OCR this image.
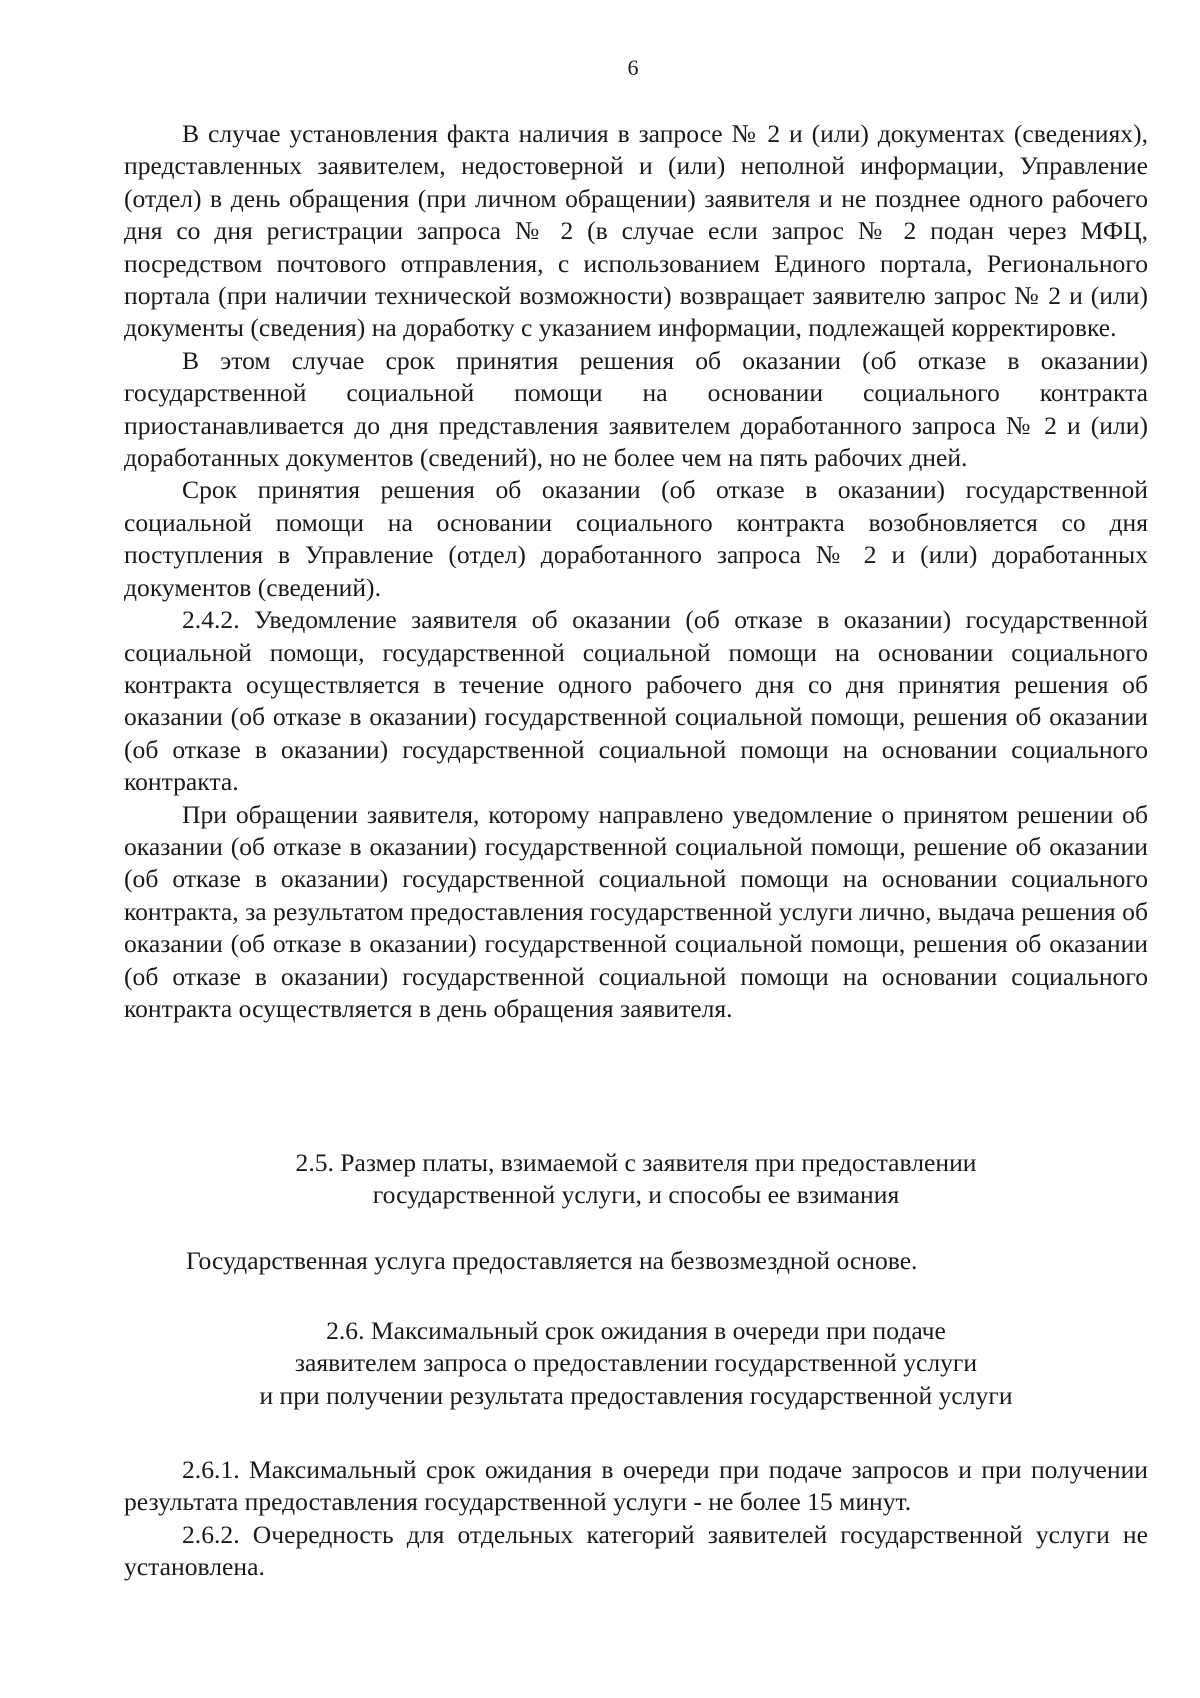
6

В случае установления факта наличия в запросе № 2 и (или) документах (сведениях), представленных заявителем, недостоверной и (или) неполной информации, Управление (отдел) в день обращения (при личном обращении) заявителя и не позднее одного рабочего дня со дня регистрации запроса № 2 (в случае если запрос № 2 подан через МФЦ, посредством почтового отправления, с использованием Единого портала, Регионального портала (при наличии технической возможности) возвращает заявителю запрос № 2 и (или) документы (сведения) на доработку с указанием информации, подлежащей корректировке.

В этом случае срок принятия решения об оказании (об отказе в оказании) государственной социальной помощи на основании социального контракта приостанавливается до дня представления заявителем доработанного запроса № 2 и (или) доработанных документов (сведений), но не более чем на пять рабочих дней.

Срок принятия решения об оказании (об отказе в оказании) государственной социальной помощи на основании социального контракта возобновляется со дня поступления в Управление (отдел) доработанного запроса № 2 и (или) доработанных документов (сведений).

2.4.2. Уведомление заявителя об оказании (об отказе в оказании) государственной социальной помощи, государственной социальной помощи на основании социального контракта осуществляется в течение одного рабочего дня со дня принятия решения об оказании (об отказе в оказании) государственной социальной помощи, решения об оказании (об отказе в оказании) государственной социальной помощи на основании социального контракта.

При обращении заявителя, которому направлено уведомление о принятом решении об оказании (об отказе в оказании) государственной социальной помощи, решение об оказании (об отказе в оказании) государственной социальной помощи на основании социального контракта, за результатом предоставления государственной услуги лично, выдача решения об оказании (об отказе в оказании) государственной социальной помощи, решения об оказании (об отказе в оказании) государственной социальной помощи на основании социального контракта осуществляется в день обращения заявителя.

2.5. Размер платы, взимаемой с заявителя при предоставлении
государственной услуги, и способы ее взимания
Государственная услуга предоставляется на безвозмездной основе.
2.6. Максимальный срок ожидания в очереди при подаче
заявителем запроса о предоставлении государственной услуги
и при получении результата предоставления государственной услуги

2.6.1. Максимальный срок ожидания в очереди при подаче запросов и при получении результата предоставления государственной услуги - не более 15 минут.

2.6.2. Очередность для отдельных категорий заявителей государственной услуги не установлена.
